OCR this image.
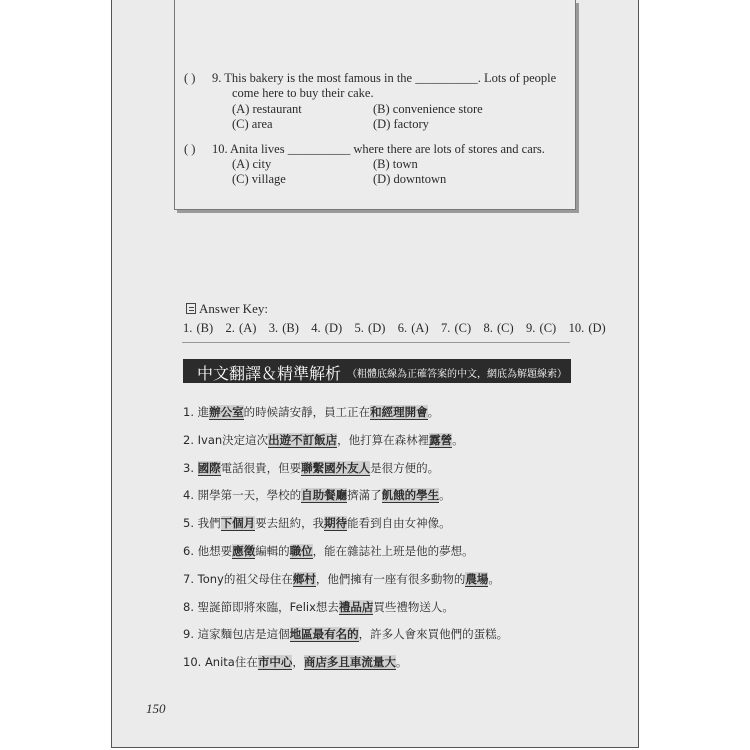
( ) 9. This bakery is the most famous in the __________. Lots of people
come here to buy their cake.
(A) restaurant	(B) convenience store
(C) area	(D) factory
( ) 10. Anita lives __________ where there are lots of stores and cars.
(A) city	(B) town
(C) village	(D) downtown
Answer Key:
1. (B)   2. (A)   3. (B)   4. (D)   5. (D)   6. (A)   7. (C)   8. (C)   9. (C)   10. (D)
中文翻譯＆精準解析 （粗體底線為正確答案的中文，網底為解題線索）
1. 進辦公室的時候請安靜，員工正在和經理開會。
2. Ivan決定這次出遊不訂飯店，他打算在森林裡露營。
3. 國際電話很貴，但要聯繫國外友人是很方便的。
4. 開學第一天，學校的自助餐廳擠滿了飢餓的學生。
5. 我們下個月要去紐約，我期待能看到自由女神像。
6. 他想要應徵編輯的職位，能在雜誌社上班是他的夢想。
7. Tony的祖父母住在鄉村，他們擁有一座有很多動物的農場。
8. 聖誕節即將來臨，Felix想去禮品店買些禮物送人。
9. 這家麵包店是這個地區最有名的，許多人會來買他們的蛋糕。
10. Anita住在市中心，商店多且車流量大。
150
